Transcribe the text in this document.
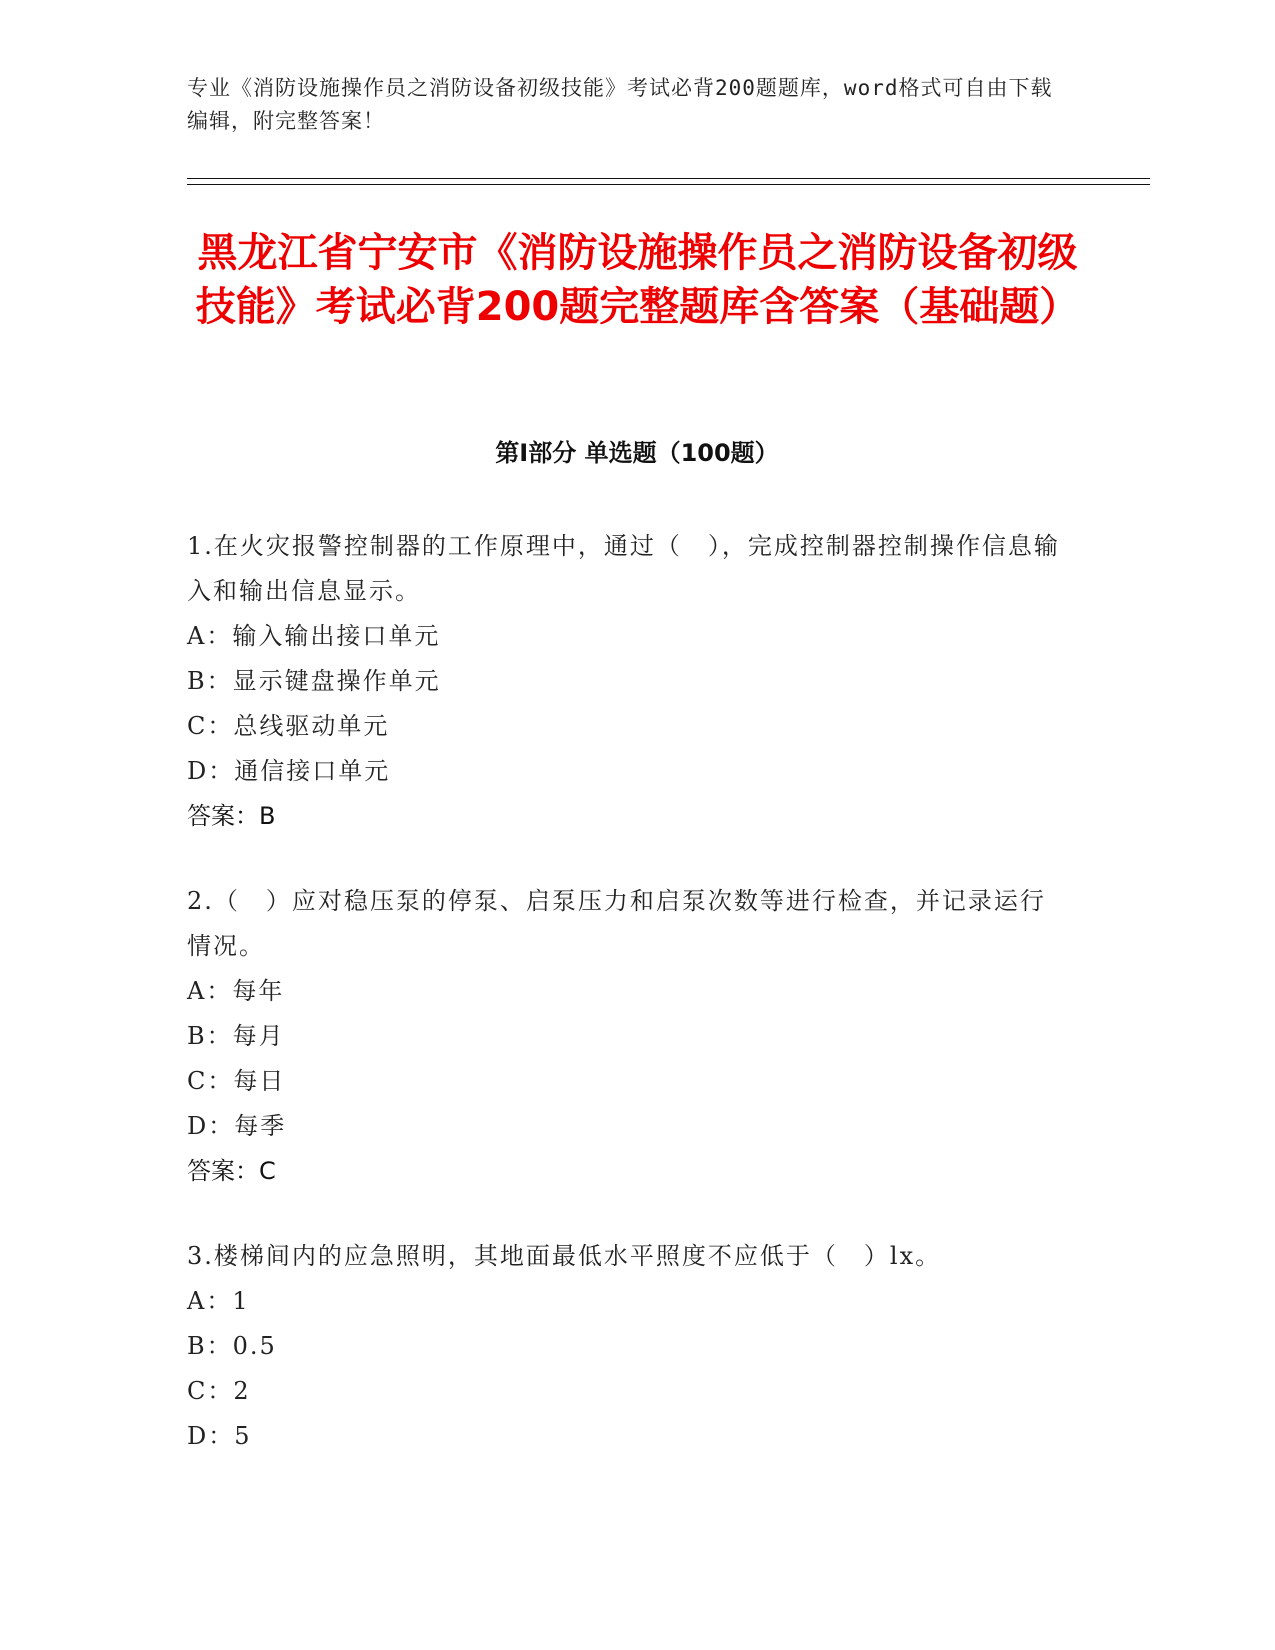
专业《消防设施操作员之消防设备初级技能》考试必背200题题库，word格式可自由下载编辑，附完整答案！
黑龙江省宁安市《消防设施操作员之消防设备初级技能》考试必背200题完整题库含答案（基础题）
第I部分 单选题（100题）

1.在火灾报警控制器的工作原理中，通过（　），完成控制器控制操作信息输入和输出信息显示。

A：输入输出接口单元

B：显示键盘操作单元

C：总线驱动单元

D：通信接口单元

答案：B

2.（　）应对稳压泵的停泵、启泵压力和启泵次数等进行检查，并记录运行情况。

A：每年

B：每月

C：每日

D：每季

答案：C

3.楼梯间内的应急照明，其地面最低水平照度不应低于（　）lx。

A：1

B：0.5

C：2

D：5
